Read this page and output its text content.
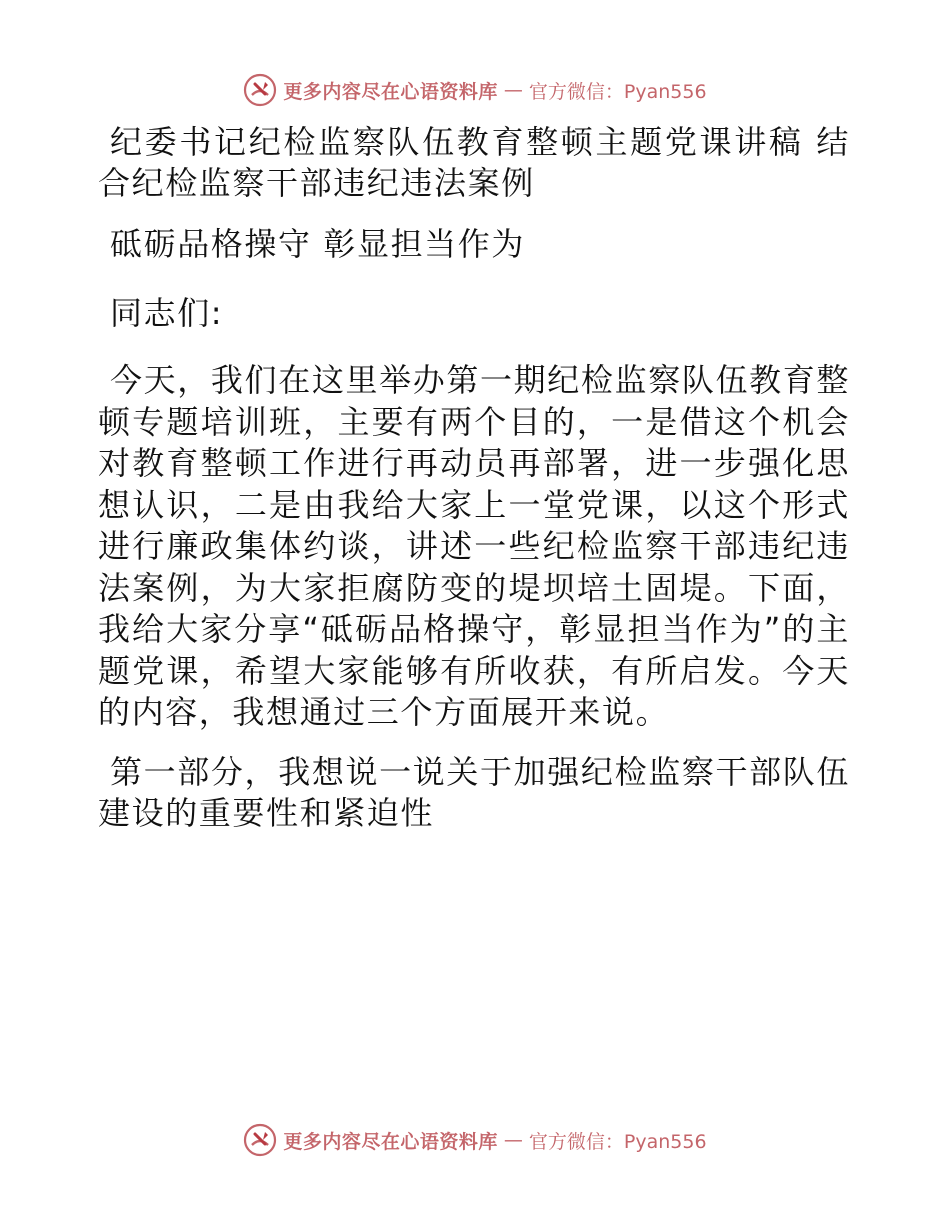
更多内容尽在心语资料库 — 官方微信：Pyan556

纪委书记纪检监察队伍教育整顿主题党课讲稿 结合纪检监察干部违纪违法案例

砥砺品格操守 彰显担当作为

同志们:

今天，我们在这里举办第一期纪检监察队伍教育整顿专题培训班，主要有两个目的，一是借这个机会对教育整顿工作进行再动员再部署，进一步强化思想认识，二是由我给大家上一堂党课，以这个形式进行廉政集体约谈，讲述一些纪检监察干部违纪违法案例，为大家拒腐防变的堤坝培土固堤。下面，我给大家分享“砥砺品格操守，彰显担当作为”的主题党课，希望大家能够有所收获，有所启发。今天的内容，我想通过三个方面展开来说。

第一部分，我想说一说关于加强纪检监察干部队伍建设的重要性和紧迫性

更多内容尽在心语资料库 — 官方微信：Pyan556
